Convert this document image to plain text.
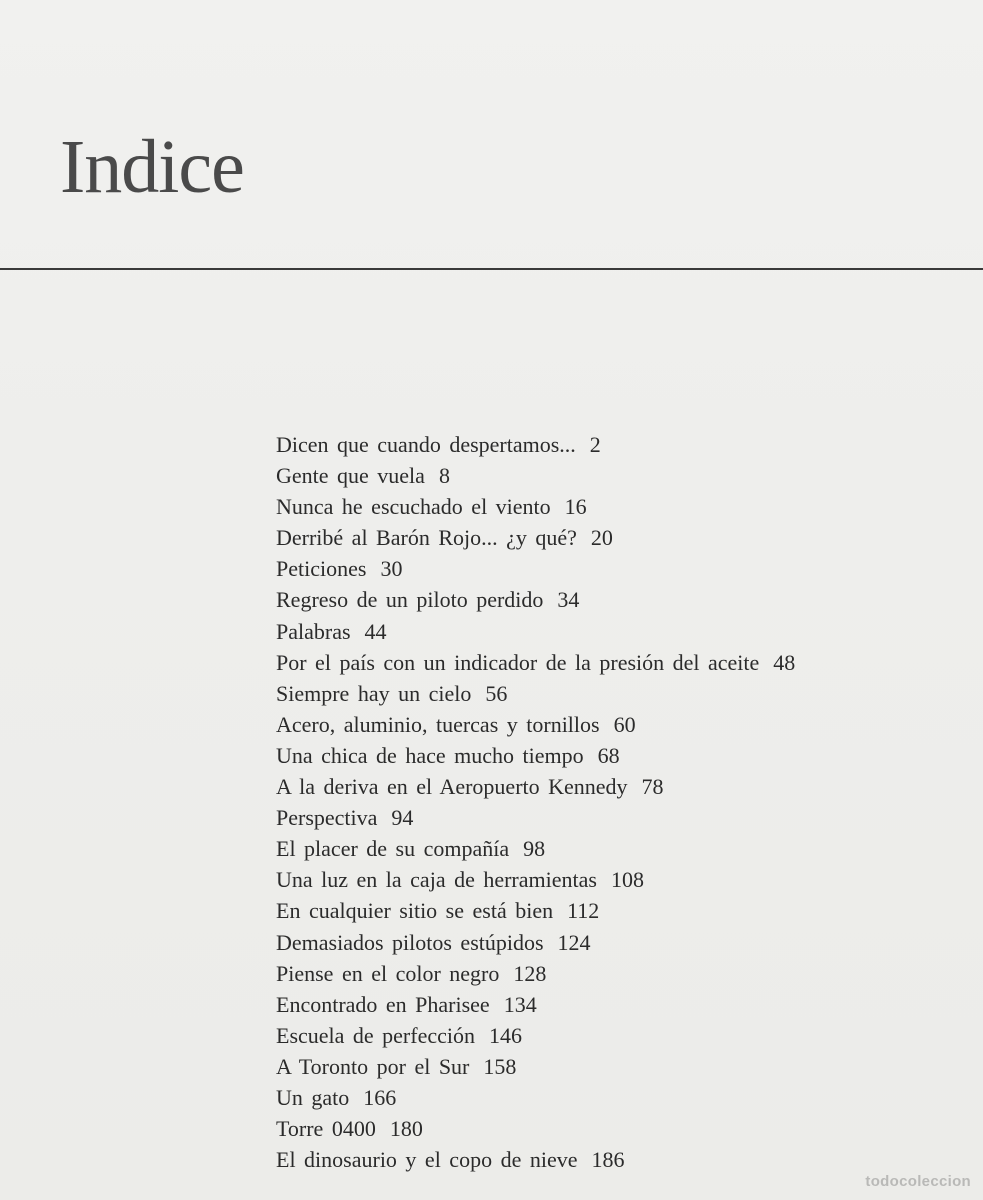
Indice
Dicen que cuando despertamos... 2
Gente que vuela 8
Nunca he escuchado el viento 16
Derribé al Barón Rojo... ¿y qué? 20
Peticiones 30
Regreso de un piloto perdido 34
Palabras 44
Por el país con un indicador de la presión del aceite 48
Siempre hay un cielo 56
Acero, aluminio, tuercas y tornillos 60
Una chica de hace mucho tiempo 68
A la deriva en el Aeropuerto Kennedy 78
Perspectiva 94
El placer de su compañía 98
Una luz en la caja de herramientas 108
En cualquier sitio se está bien 112
Demasiados pilotos estúpidos 124
Piense en el color negro 128
Encontrado en Pharisee 134
Escuela de perfección 146
A Toronto por el Sur 158
Un gato 166
Torre 0400 180
El dinosaurio y el copo de nieve 186
todocoleccion
